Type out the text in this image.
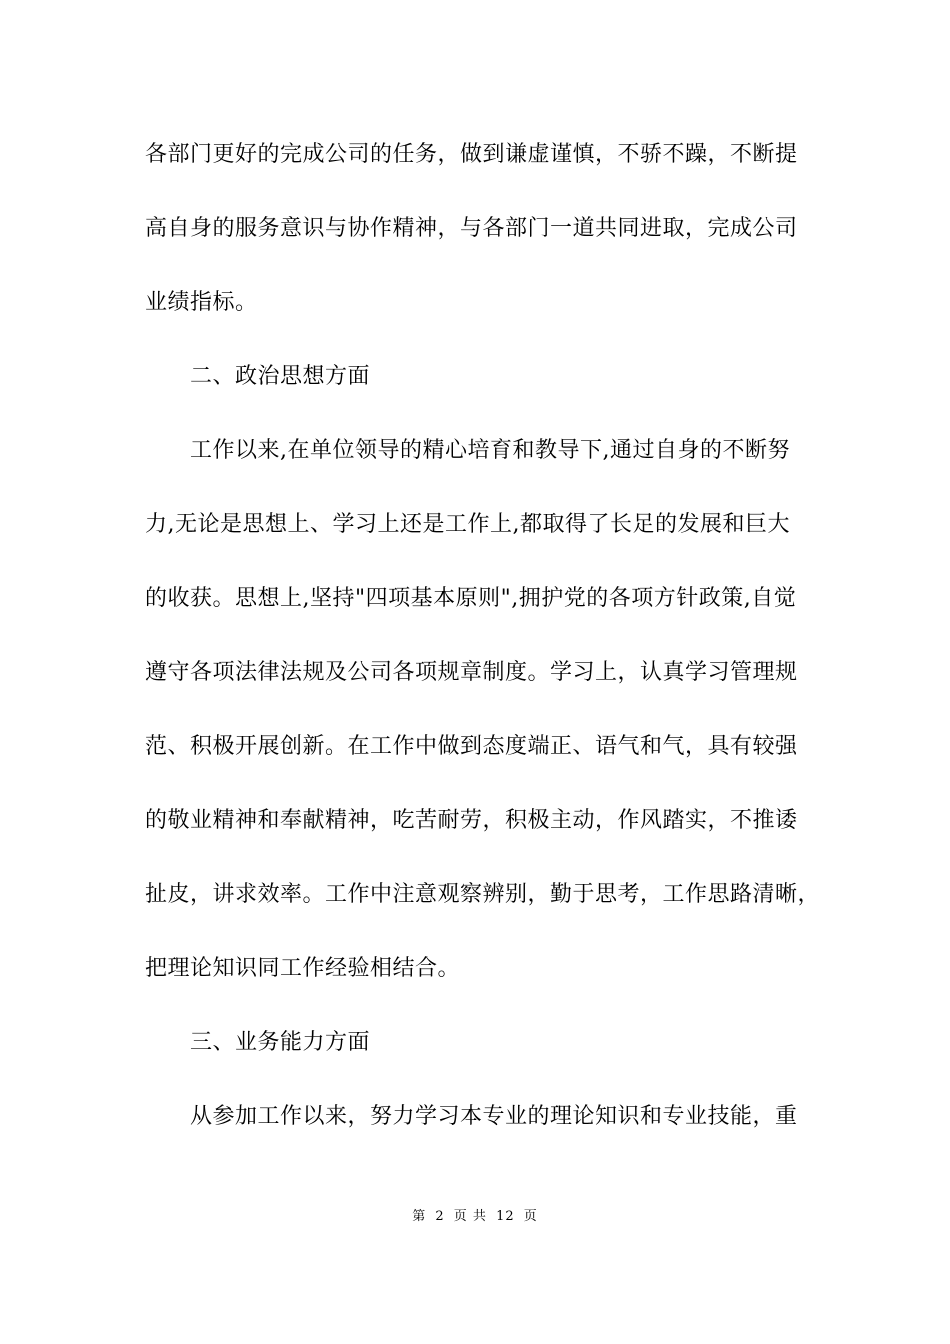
各部门更好的完成公司的任务，做到谦虚谨慎，不骄不躁，不断提
高自身的服务意识与协作精神，与各部门一道共同进取，完成公司
业绩指标。
二、政治思想方面
工作以来,在单位领导的精心培育和教导下,通过自身的不断努
力,无论是思想上、学习上还是工作上,都取得了长足的发展和巨大
的收获。思想上,坚持"四项基本原则",拥护党的各项方针政策,自觉
遵守各项法律法规及公司各项规章制度。学习上，认真学习管理规
范、积极开展创新。在工作中做到态度端正、语气和气，具有较强
的敬业精神和奉献精神，吃苦耐劳，积极主动，作风踏实，不推诿
扯皮，讲求效率。工作中注意观察辨别，勤于思考，工作思路清晰，
把理论知识同工作经验相结合。
三、业务能力方面
从参加工作以来，努力学习本专业的理论知识和专业技能，重
第 2 页 共 12 页
